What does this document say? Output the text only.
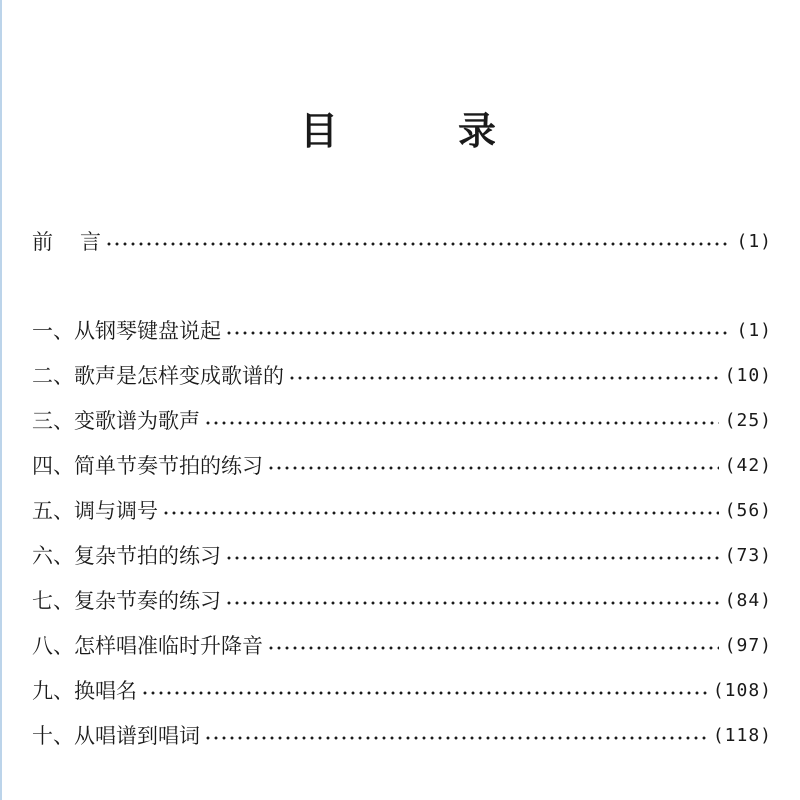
目	录
前 言	(1)
一、从钢琴键盘说起	(1)
二、歌声是怎样变成歌谱的	(10)
三、变歌谱为歌声	(25)
四、简单节奏节拍的练习	(42)
五、调与调号	(56)
六、复杂节拍的练习	(73)
七、复杂节奏的练习	(84)
八、怎样唱准临时升降音	(97)
九、换唱名	(108)
十、从唱谱到唱词	(118)
